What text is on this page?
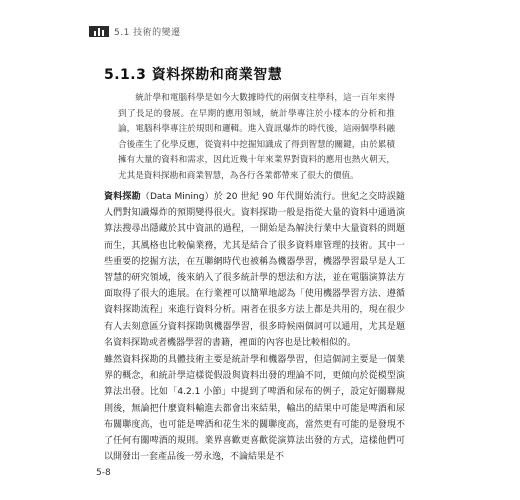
5.1 技術的變遷
5.1.3 資料探勘和商業智慧

統計學和電腦科學是如今大數據時代的兩個支柱學科，這一百年來得到了長足的發展。在早期的應用領域，統計學專注於小樣本的分析和推論，電腦科學專注於規則和邏輯。進入資訊爆炸的時代後，這兩個學科融合後產生了化學反應，從資料中挖掘知識成了得到智慧的關鍵，由於累積擁有大量的資料和需求，因此近幾十年來業界對資料的應用也熱火朝天，尤其是資料探勘和商業智慧，為各行各業都帶來了很大的價值。

資料探勘（Data Mining）於 20 世紀 90 年代開始流行。世紀之交時誤隨人們對知識爆炸的預期變得很火。資料探勘一般是指從大量的資料中通過演算法搜尋出隱藏於其中資訊的過程，一開始是為解決行業中大量資料的問題而生，其風格也比較偏業務，尤其是結合了很多資料庫管理的技術。其中一些重要的挖掘方法，在互聯網時代也被稱為機器學習，機器學習最早是人工智慧的研究領域，後來納入了很多統計學的想法和方法，並在電腦演算法方面取得了很大的進展。在行業裡可以簡單地認為「使用機器學習方法、遵循資料探勘流程」來進行資料分析。兩者在很多方法上都是共用的，現在很少有人去刻意區分資料探勘與機器學習，很多時候兩個詞可以通用，尤其是題名資料探勘或者機器學習的書籍，裡面的內容也是比較相似的。

雖然資料探勘的具體技術主要是統計學和機器學習，但這個詞主要是一個業界的概念，和統計學這樣從假設與資料出發的理論不同，更傾向於從模型演算法出發。比如「4.2.1 小節」中提到了啤酒和尿布的例子，設定好關聯規則後，無論把什麼資料輸進去都會出來結果，輸出的結果中可能是啤酒和尿布關聯度高，也可能是啤酒和花生米的關聯度高，當然更有可能的是發現不了任何有關啤酒的規則。業界喜歡更喜歡從演算法出發的方式，這樣他們可以開發出一套產品後一勞永逸，不論結果是不

5-8
